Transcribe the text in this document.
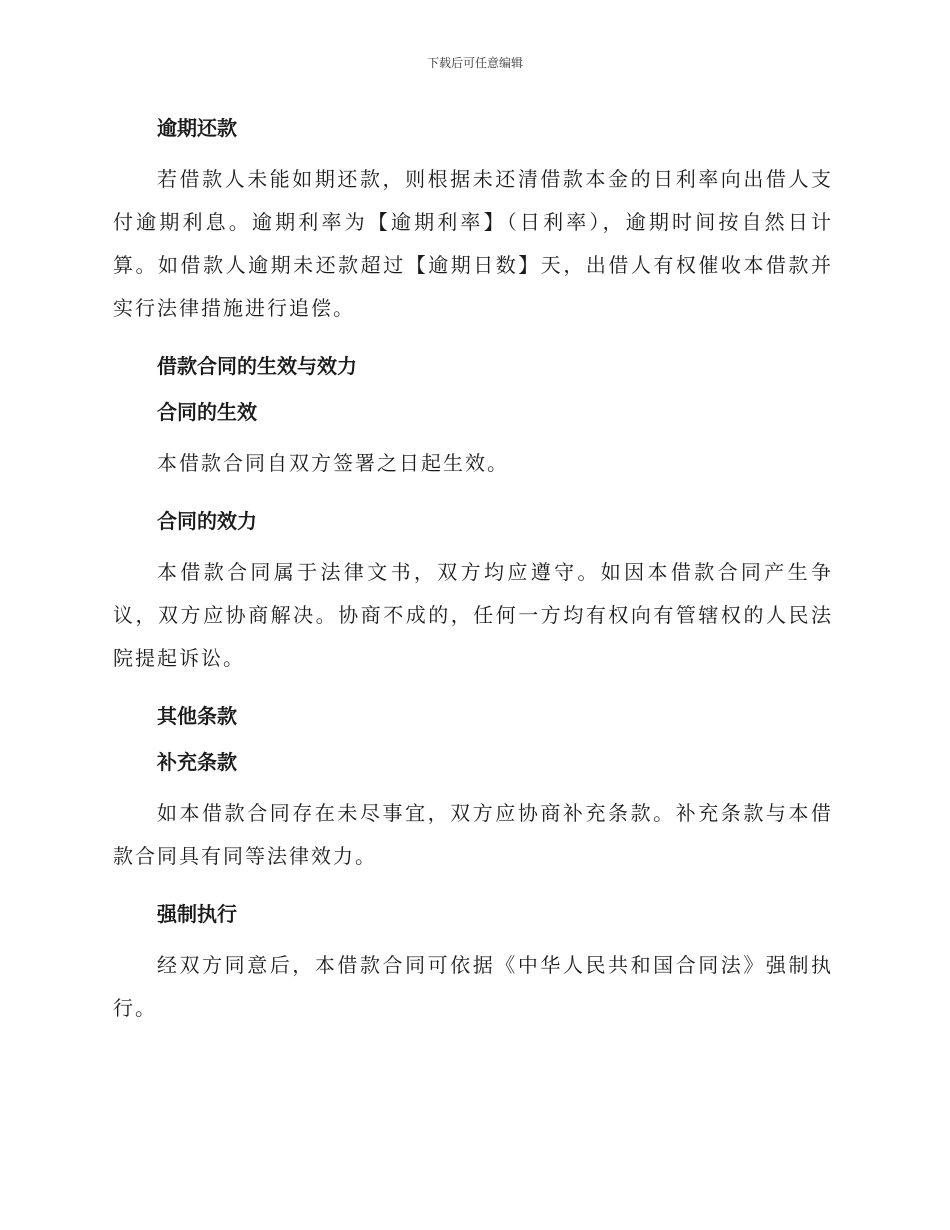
下载后可任意编辑
逾期还款

若借款人未能如期还款，则根据未还清借款本金的日利率向出借人支付逾期利息。逾期利率为【逾期利率】（日利率），逾期时间按自然日计算。如借款人逾期未还款超过【逾期日数】天，出借人有权催收本借款并实行法律措施进行追偿。

借款合同的生效与效力
合同的生效

本借款合同自双方签署之日起生效。

合同的效力

本借款合同属于法律文书，双方均应遵守。如因本借款合同产生争议，双方应协商解决。协商不成的，任何一方均有权向有管辖权的人民法院提起诉讼。

其他条款
补充条款

如本借款合同存在未尽事宜，双方应协商补充条款。补充条款与本借款合同具有同等法律效力。

强制执行

经双方同意后，本借款合同可依据《中华人民共和国合同法》强制执行。
